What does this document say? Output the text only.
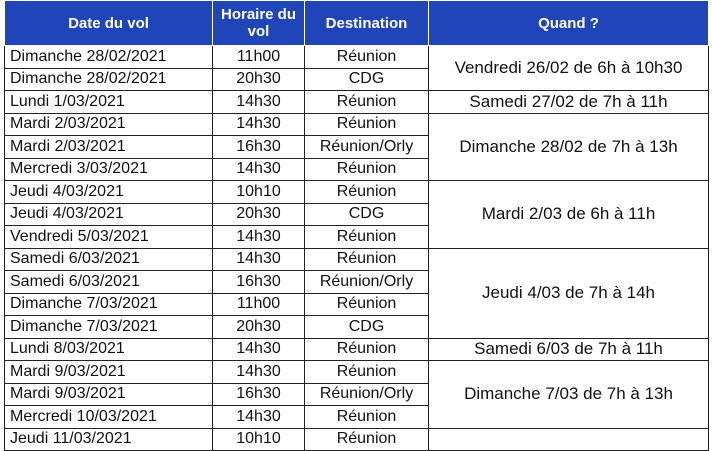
Date du vol	Horaire du vol	Destination	Quand ?
Dimanche 28/02/2021	11h00	Réunion	Vendredi 26/02 de 6h à 10h30
Dimanche 28/02/2021	20h30	CDG	
Lundi 1/03/2021	14h30	Réunion	Samedi 27/02 de 7h à 11h
Mardi 2/03/2021	14h30	Réunion	Dimanche 28/02 de 7h à 13h
Mardi 2/03/2021	16h30	Réunion/Orly	
Mercredi 3/03/2021	14h30	Réunion	
Jeudi 4/03/2021	10h10	Réunion	Mardi 2/03 de 6h à 11h
Jeudi 4/03/2021	20h30	CDG	
Vendredi 5/03/2021	14h30	Réunion	
Samedi 6/03/2021	14h30	Réunion	Jeudi 4/03 de 7h à 14h
Samedi 6/03/2021	16h30	Réunion/Orly	
Dimanche 7/03/2021	11h00	Réunion	
Dimanche 7/03/2021	20h30	CDG	
Lundi 8/03/2021	14h30	Réunion	Samedi 6/03 de 7h à 11h
Mardi 9/03/2021	14h30	Réunion	Dimanche 7/03 de 7h à 13h
Mardi 9/03/2021	16h30	Réunion/Orly	
Mercredi 10/03/2021	14h30	Réunion	
Jeudi 11/03/2021	10h10	Réunion	
